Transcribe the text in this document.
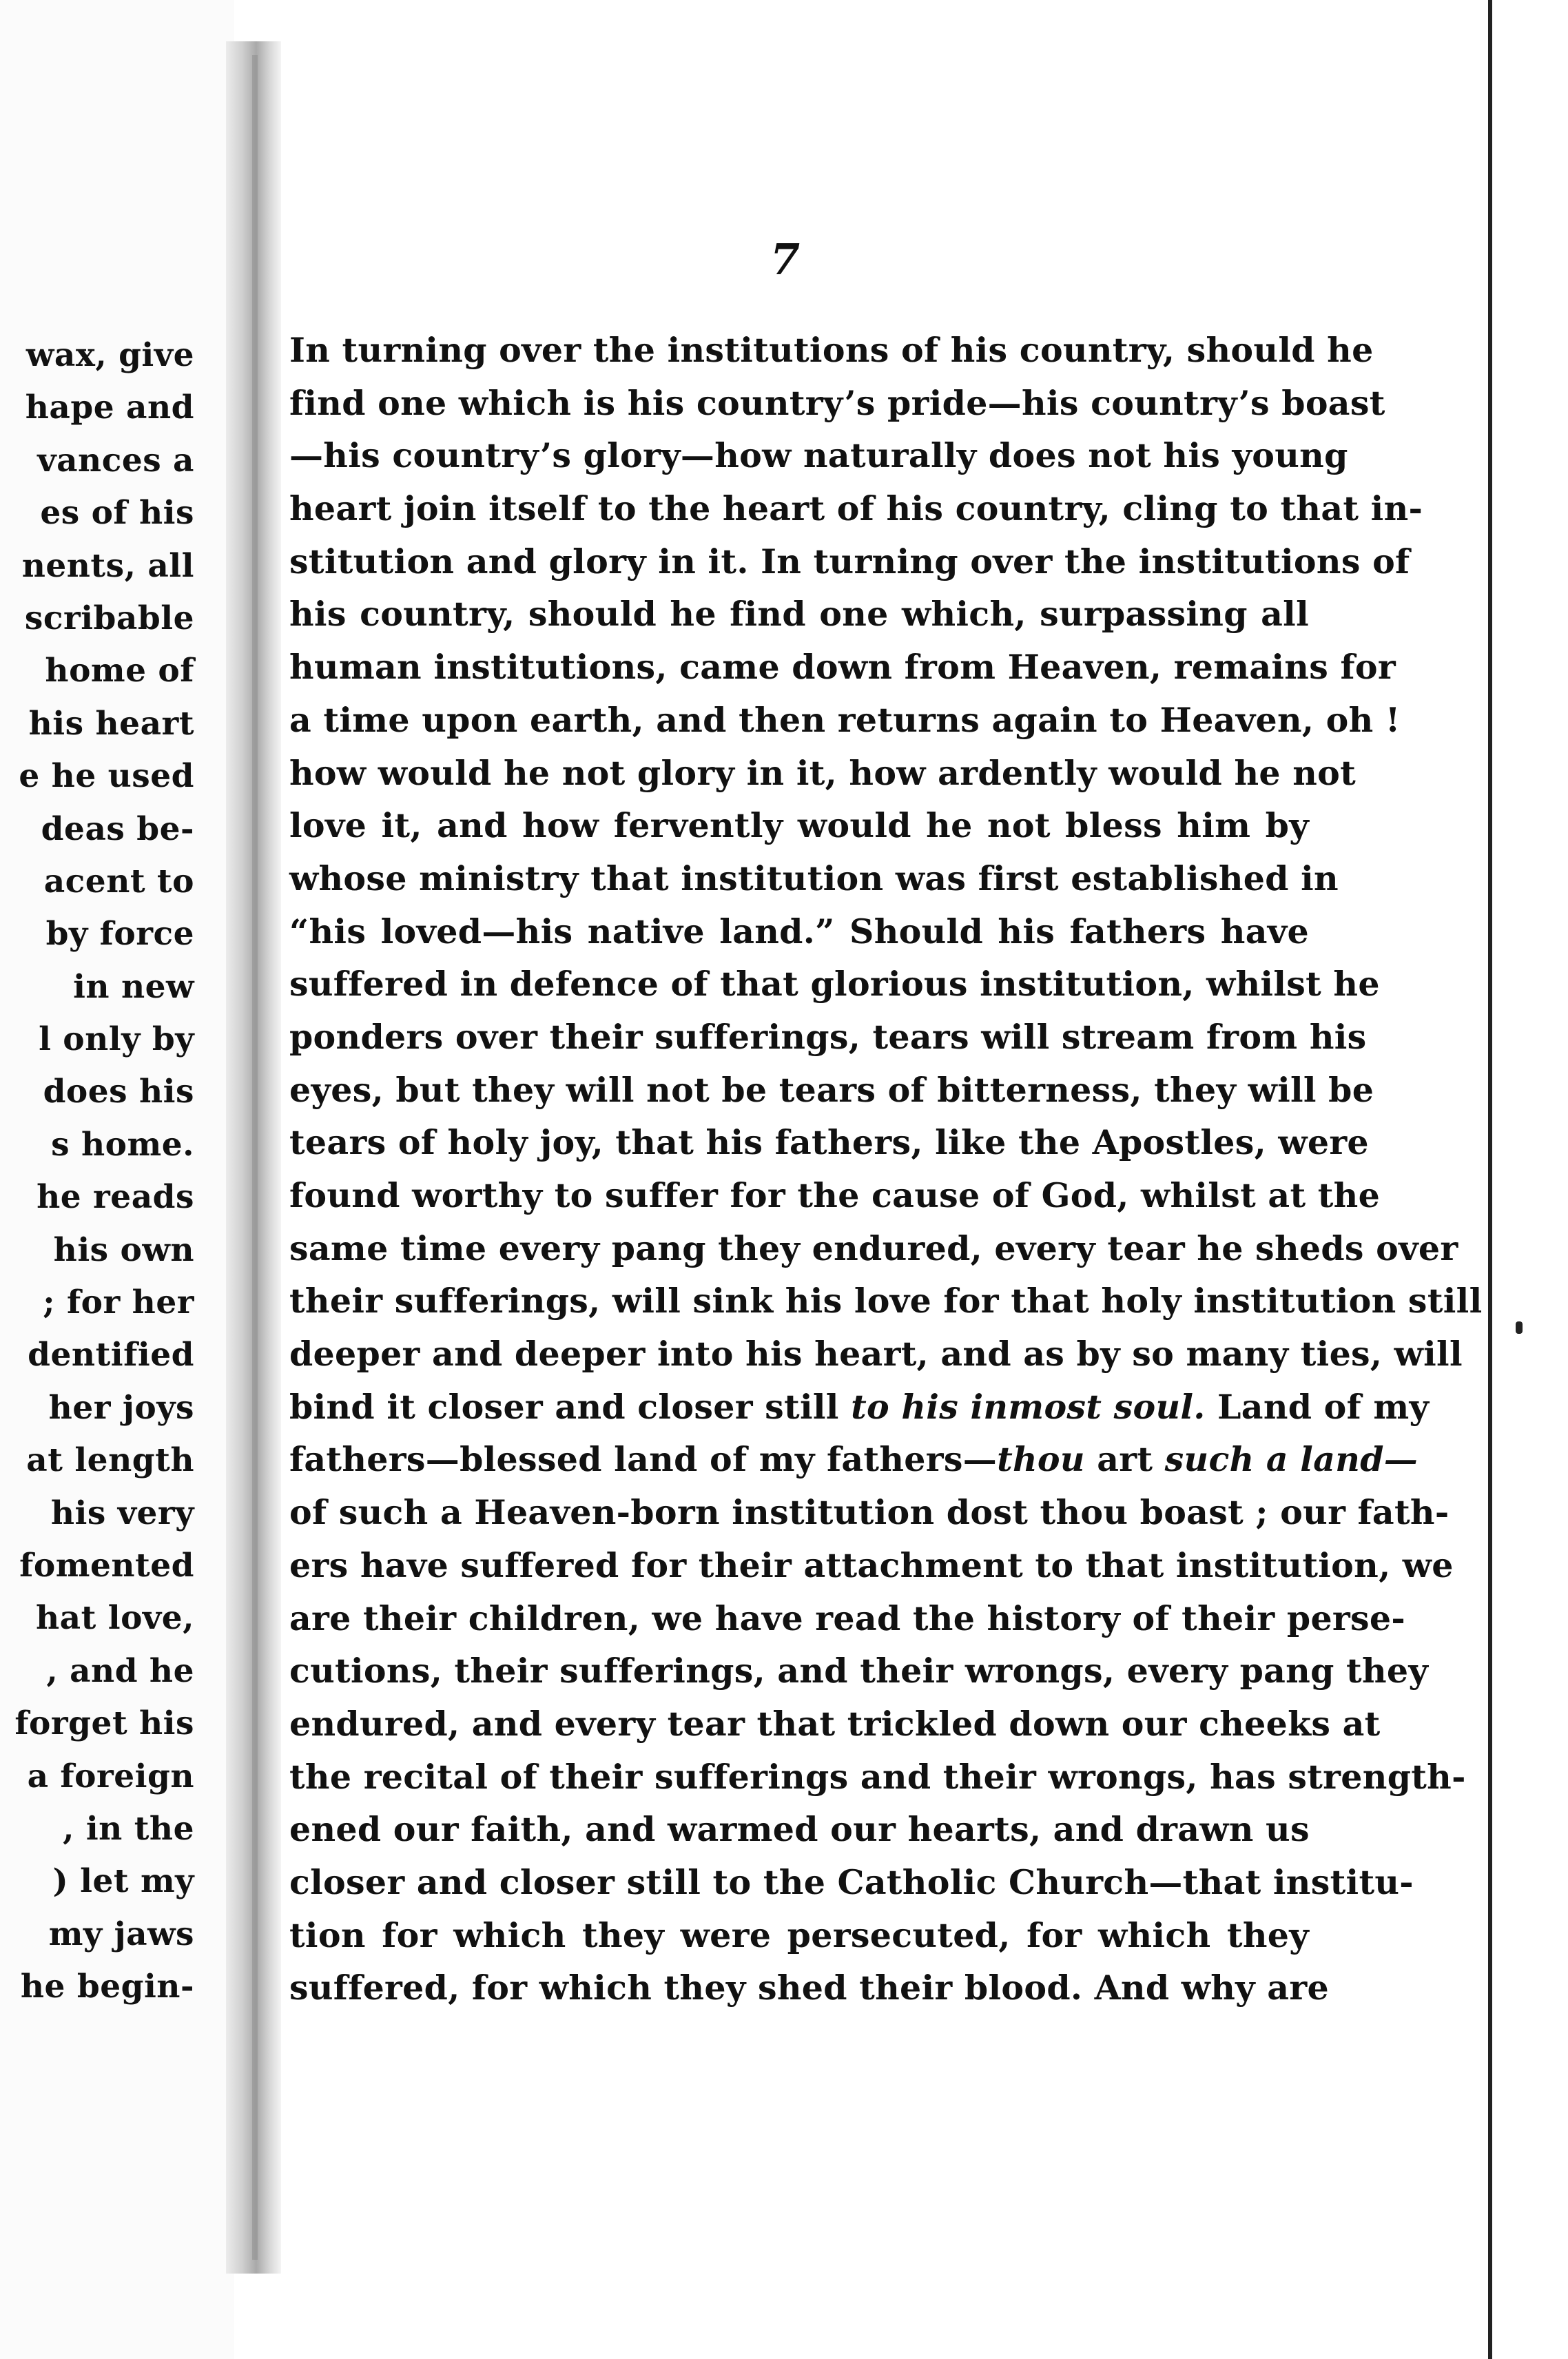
wax, give
hape and
vances a
es of his
nents, all
scribable
home of
his heart
e he used
deas be-
acent to
by force
in new
l only by
does his
s home.
he reads
his own
; for her
dentified
her joys
at length
his very
fomented
hat love,
, and he
forget his
a foreign
, in the
) let my
my jaws
he begin-
7
In turning over the institutions of his country, should he
find one which is his country’s pride—his country’s boast
—his country’s glory—how naturally does not his young
heart join itself to the heart of his country, cling to that in-
stitution and glory in it. In turning over the institutions of
his country, should he find one which, surpassing all
human institutions, came down from Heaven, remains for
a time upon earth, and then returns again to Heaven, oh !
how would he not glory in it, how ardently would he not
love it, and how fervently would he not bless him by
whose ministry that institution was first established in
“his loved—his native land.” Should his fathers have
suffered in defence of that glorious institution, whilst he
ponders over their sufferings, tears will stream from his
eyes, but they will not be tears of bitterness, they will be
tears of holy joy, that his fathers, like the Apostles, were
found worthy to suffer for the cause of God, whilst at the
same time every pang they endured, every tear he sheds over
their sufferings, will sink his love for that holy institution still
deeper and deeper into his heart, and as by so many ties, will
bind it closer and closer still to his inmost soul. Land of my
fathers—blessed land of my fathers—thou art such a land—
of such a Heaven-born institution dost thou boast ; our fath-
ers have suffered for their attachment to that institution, we
are their children, we have read the history of their perse-
cutions, their sufferings, and their wrongs, every pang they
endured, and every tear that trickled down our cheeks at
the recital of their sufferings and their wrongs, has strength-
ened our faith, and warmed our hearts, and drawn us
closer and closer still to the Catholic Church—that institu-
tion for which they were persecuted, for which they
suffered, for which they shed their blood. And why are
